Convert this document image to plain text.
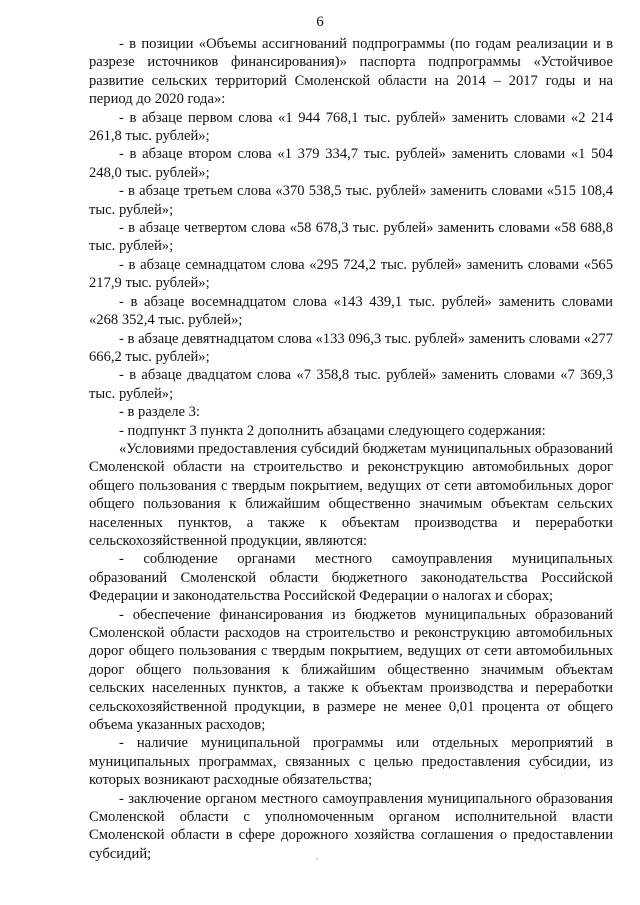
6

- в позиции «Объемы ассигнований подпрограммы (по годам реализации и в разрезе источников финансирования)» паспорта подпрограммы «Устойчивое развитие сельских территорий Смоленской области на 2014 – 2017 годы и на период до 2020 года»:

- в абзаце первом слова «1 944 768,1 тыс. рублей» заменить словами «2 214 261,8 тыс. рублей»;

- в абзаце втором слова «1 379 334,7 тыс. рублей» заменить словами «1 504 248,0 тыс. рублей»;

- в абзаце третьем слова «370 538,5 тыс. рублей» заменить словами «515 108,4 тыс. рублей»;

- в абзаце четвертом слова «58 678,3 тыс. рублей» заменить словами «58 688,8 тыс. рублей»;

- в абзаце семнадцатом слова «295 724,2 тыс. рублей» заменить словами «565 217,9 тыс. рублей»;

- в абзаце восемнадцатом слова «143 439,1 тыс. рублей» заменить словами «268 352,4 тыс. рублей»;

- в абзаце девятнадцатом слова «133 096,3 тыс. рублей» заменить словами «277 666,2 тыс. рублей»;

- в абзаце двадцатом слова «7 358,8 тыс. рублей» заменить словами «7 369,3 тыс. рублей»;

- в разделе 3:

- подпункт 3 пункта 2 дополнить абзацами следующего содержания:

«Условиями предоставления субсидий бюджетам муниципальных образований Смоленской области на строительство и реконструкцию автомобильных дорог общего пользования с твердым покрытием, ведущих от сети автомобильных дорог общего пользования к ближайшим общественно значимым объектам сельских населенных пунктов, а также к объектам производства и переработки сельскохозяйственной продукции, являются:

- соблюдение органами местного самоуправления муниципальных образований Смоленской области бюджетного законодательства Российской Федерации и законодательства Российской Федерации о налогах и сборах;

- обеспечение финансирования из бюджетов муниципальных образований Смоленской области расходов на строительство и реконструкцию автомобильных дорог общего пользования с твердым покрытием, ведущих от сети автомобильных дорог общего пользования к ближайшим общественно значимым объектам сельских населенных пунктов, а также к объектам производства и переработки сельскохозяйственной продукции, в размере не менее 0,01 процента от общего объема указанных расходов;

- наличие муниципальной программы или отдельных мероприятий в муниципальных программах, связанных с целью предоставления субсидии, из которых возникают расходные обязательства;

- заключение органом местного самоуправления муниципального образования Смоленской области с уполномоченным органом исполнительной власти Смоленской области в сфере дорожного хозяйства соглашения о предоставлении субсидий;
